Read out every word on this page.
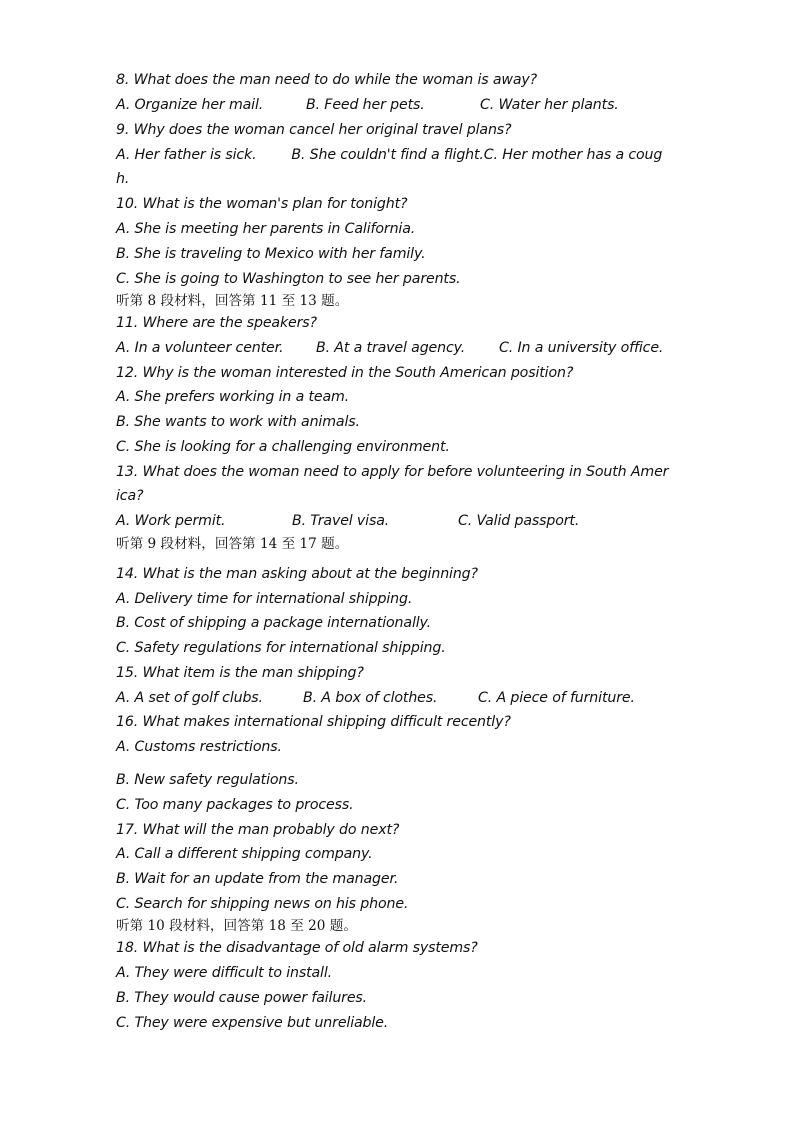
8. What does the man need to do while the woman is away?
A. Organize her mail.	B. Feed her pets.	C. Water her plants.
9. Why does the woman cancel her original travel plans?
A. Her father is sick.        B. She couldn't find a flight.C. Her mother has a coug
h.
10. What is the woman's plan for tonight?
A. She is meeting her parents in California.
B. She is traveling to Mexico with her family.
C. She is going to Washington to see her parents.
听第 8 段材料，回答第 11 至 13 题。
11. Where are the speakers?
A. In a volunteer center. B. At a travel agency. C. In a university office.
12. Why is the woman interested in the South American position?
A. She prefers working in a team.
B. She wants to work with animals.
C. She is looking for a challenging environment.
13. What does the woman need to apply for before volunteering in South Amer
ica?
A. Work permit.	B. Travel visa.	C. Valid passport.
听第 9 段材料，回答第 14 至 17 题。
14. What is the man asking about at the beginning?
A. Delivery time for international shipping.
B. Cost of shipping a package internationally.
C. Safety regulations for international shipping.
15. What item is the man shipping?
A. A set of golf clubs.	B. A box of clothes.	C. A piece of furniture.
16. What makes international shipping difficult recently?
A. Customs restrictions.
B. New safety regulations.
C. Too many packages to process.
17. What will the man probably do next?
A. Call a different shipping company.
B. Wait for an update from the manager.
C. Search for shipping news on his phone.
听第 10 段材料，回答第 18 至 20 题。
18. What is the disadvantage of old alarm systems?
A. They were difficult to install.
B. They would cause power failures.
C. They were expensive but unreliable.
